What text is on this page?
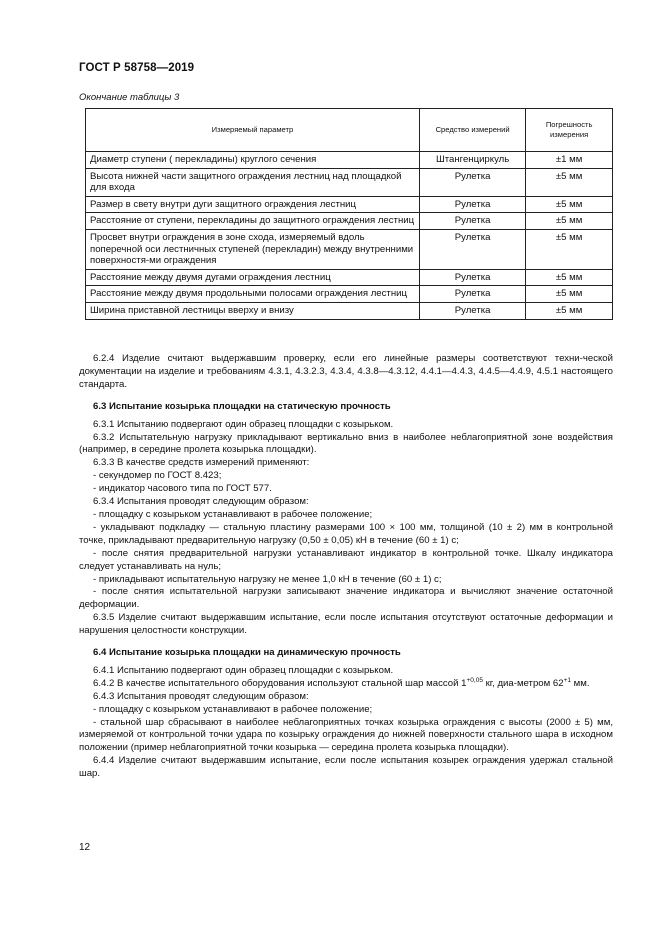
ГОСТ Р 58758—2019
Окончание таблицы 3
Измеряемый параметр	Средство измерений	Погрешность измерения
Диаметр ступени ( перекладины) круглого сечения	Штангенциркуль	±1 мм
Высота нижней части защитного ограждения лестниц над площадкой для входа	Рулетка	±5 мм
Размер в свету внутри дуги защитного ограждения лестниц	Рулетка	±5 мм
Расстояние от ступени, перекладины до защитного ограждения лестниц	Рулетка	±5 мм
Просвет внутри ограждения в зоне схода, измеряемый вдоль поперечной оси лестничных ступеней (перекладин) между внутренними поверхностя-ми ограждения	Рулетка	±5 мм
Расстояние между двумя дугами ограждения лестниц	Рулетка	±5 мм
Расстояние между двумя продольными полосами ограждения лестниц	Рулетка	±5 мм
Ширина приставной лестницы вверху и внизу	Рулетка	±5 мм

6.2.4 Изделие считают выдержавшим проверку, если его линейные размеры соответствуют техни-ческой документации на изделие и требованиям 4.3.1, 4.3.2.3, 4.3.4, 4.3.8—4.3.12, 4.4.1—4.4.3, 4.4.5—4.4.9, 4.5.1 настоящего стандарта.

6.3 Испытание козырька площадки на статическую прочность

6.3.1 Испытанию подвергают один образец площадки с козырьком.

6.3.2 Испытательную нагрузку прикладывают вертикально вниз в наиболее неблагоприятной зоне воздействия (например, в середине пролета козырька площадки).

6.3.3 В качестве средств измерений применяют:

- секундомер по ГОСТ 8.423;

- индикатор часового типа по ГОСТ 577.

6.3.4 Испытания проводят следующим образом:

- площадку с козырьком устанавливают в рабочее положение;

- укладывают подкладку — стальную пластину размерами 100 × 100 мм, толщиной (10 ± 2) мм в контрольной точке, прикладывают предварительную нагрузку (0,50 ± 0,05) кН в течение (60 ± 1) с;

- после снятия предварительной нагрузки устанавливают индикатор в контрольной точке. Шкалу индикатора следует устанавливать на нуль;

- прикладывают испытательную нагрузку не менее 1,0 кН в течение (60 ± 1) с;

- после снятия испытательной нагрузки записывают значение индикатора и вычисляют значение остаточной деформации.

6.3.5 Изделие считают выдержавшим испытание, если после испытания отсутствуют остаточные деформации и нарушения целостности конструкции.

6.4 Испытание козырька площадки на динамическую прочность

6.4.1 Испытанию подвергают один образец площадки с козырьком.

6.4.2 В качестве испытательного оборудования используют стальной шар массой $1^{+0,05}$ кг, диа-метром $62^{+1}$ мм.

6.4.3 Испытания проводят следующим образом:

- площадку с козырьком устанавливают в рабочее положение;

- стальной шар сбрасывают в наиболее неблагоприятных точках козырька ограждения с высоты (2000 ± 5) мм, измеряемой от контрольной точки удара по козырьку ограждения до нижней поверхности стального шара в исходном положении (пример неблагоприятной точки козырька — середина пролета козырька площадки).

6.4.4 Изделие считают выдержавшим испытание, если после испытания козырек ограждения удержал стальной шар.

12
